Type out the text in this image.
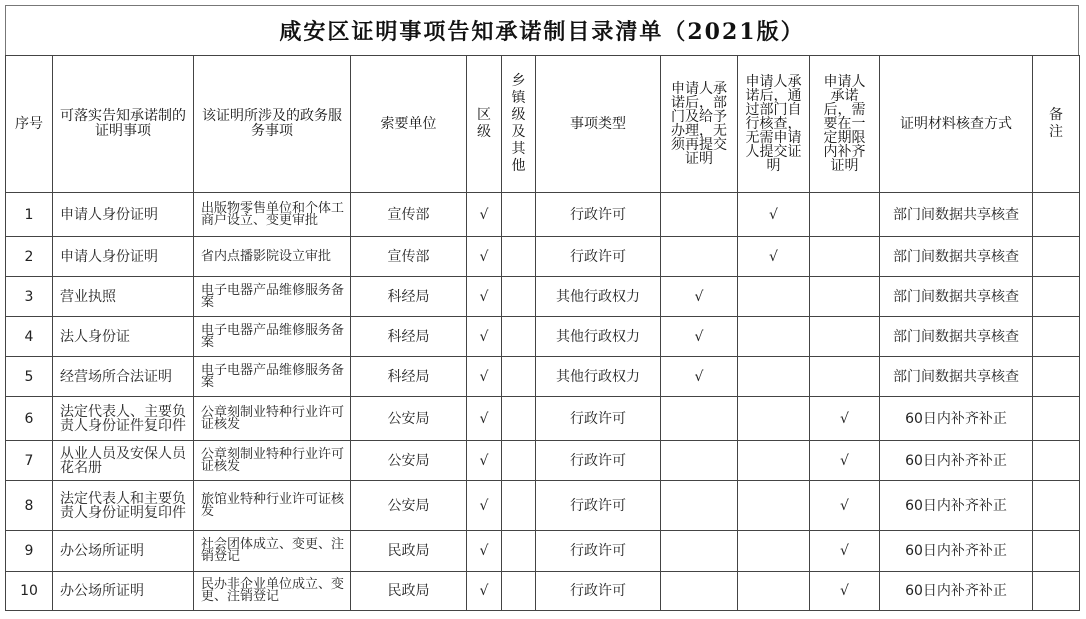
咸安区证明事项告知承诺制目录清单（2021版）
序号	可落实告知承诺制的证明事项	该证明所涉及的政务服务事项	索要单位	区级	乡镇级及其他	事项类型	申请人承诺后，部门及给予办理，无须再提交证明	申请人承诺后，通过部门自行核查，无需申请人提交证明	申请人承诺后，需要在一定期限内补齐证明	证明材料核查方式	备注
1	申请人身份证明	出版物零售单位和个体工商户设立、变更审批	宣传部	√		行政许可		√		部门间数据共享核查	
2	申请人身份证明	省内点播影院设立审批	宣传部	√		行政许可		√		部门间数据共享核查	
3	营业执照	电子电器产品维修服务备案	科经局	√		其他行政权力	√			部门间数据共享核查	
4	法人身份证	电子电器产品维修服务备案	科经局	√		其他行政权力	√			部门间数据共享核查	
5	经营场所合法证明	电子电器产品维修服务备案	科经局	√		其他行政权力	√			部门间数据共享核查	
6	法定代表人、主要负责人身份证件复印件	公章刻制业特种行业许可证核发	公安局	√		行政许可			√	60日内补齐补正	
7	从业人员及安保人员花名册	公章刻制业特种行业许可证核发	公安局	√		行政许可			√	60日内补齐补正	
8	法定代表人和主要负责人身份证明复印件	旅馆业特种行业许可证核发	公安局	√		行政许可			√	60日内补齐补正	
9	办公场所证明	社会团体成立、变更、注销登记	民政局	√		行政许可			√	60日内补齐补正	
10	办公场所证明	民办非企业单位成立、变更、注销登记	民政局	√		行政许可			√	60日内补齐补正	
